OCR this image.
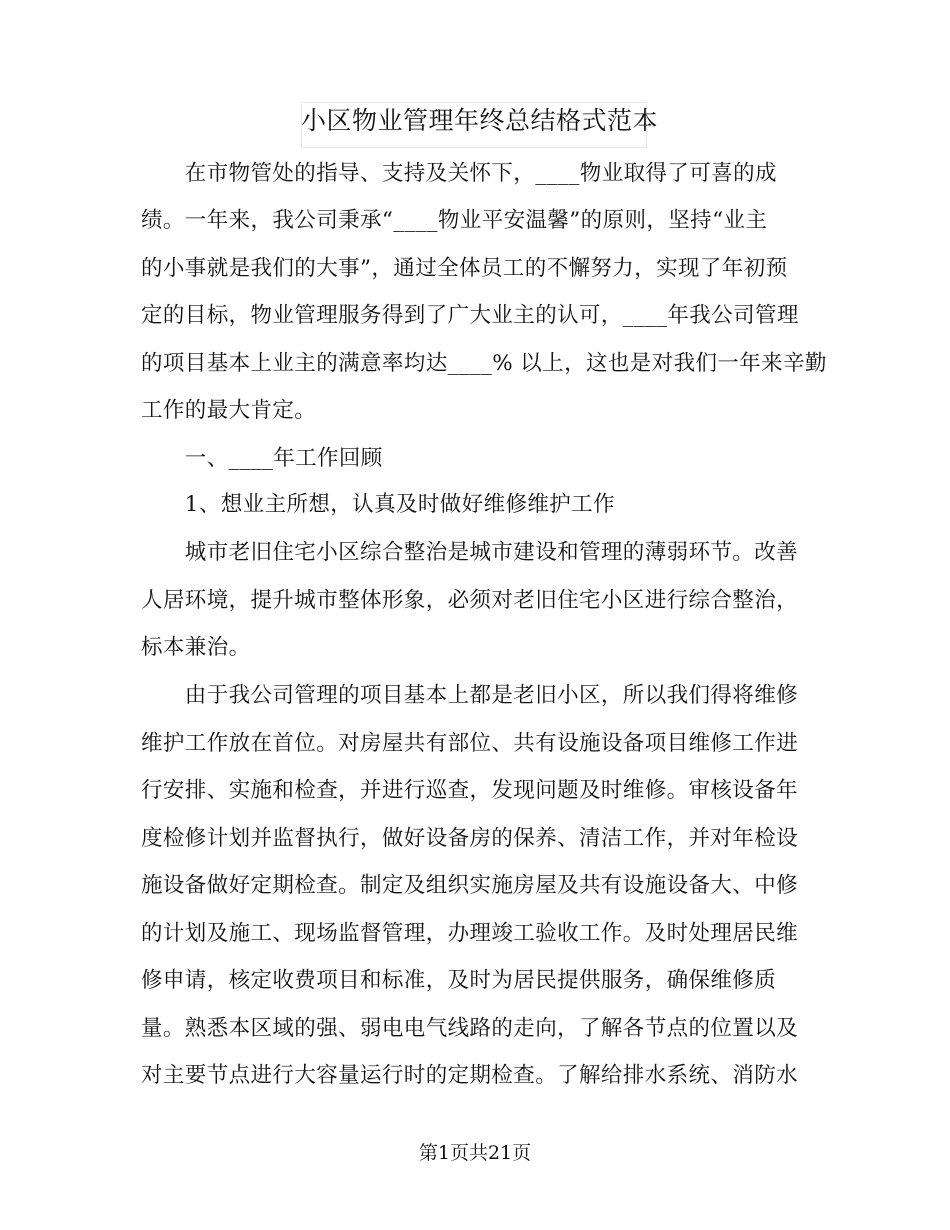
小区物业管理年终总结格式范本
　　在市物管处的指导、支持及关怀下，____物业取得了可喜的成
绩。一年来，我公司秉承“____物业平安温馨”的原则，坚持“业主
的小事就是我们的大事”，通过全体员工的不懈努力，实现了年初预
定的目标，物业管理服务得到了广大业主的认可，____年我公司管理
的项目基本上业主的满意率均达____% 以上，这也是对我们一年来辛勤
工作的最大肯定。
　　一、____年工作回顾
　　1、想业主所想，认真及时做好维修维护工作
　　城市老旧住宅小区综合整治是城市建设和管理的薄弱环节。改善
人居环境，提升城市整体形象，必须对老旧住宅小区进行综合整治，
标本兼治。
　　由于我公司管理的项目基本上都是老旧小区，所以我们得将维修
维护工作放在首位。对房屋共有部位、共有设施设备项目维修工作进
行安排、实施和检查，并进行巡查，发现问题及时维修。审核设备年
度检修计划并监督执行，做好设备房的保养、清洁工作，并对年检设
施设备做好定期检查。制定及组织实施房屋及共有设施设备大、中修
的计划及施工、现场监督管理，办理竣工验收工作。及时处理居民维
修申请，核定收费项目和标准，及时为居民提供服务，确保维修质
量。熟悉本区域的强、弱电电气线路的走向，了解各节点的位置以及
对主要节点进行大容量运行时的定期检查。了解给排水系统、消防水
第1页共21页
